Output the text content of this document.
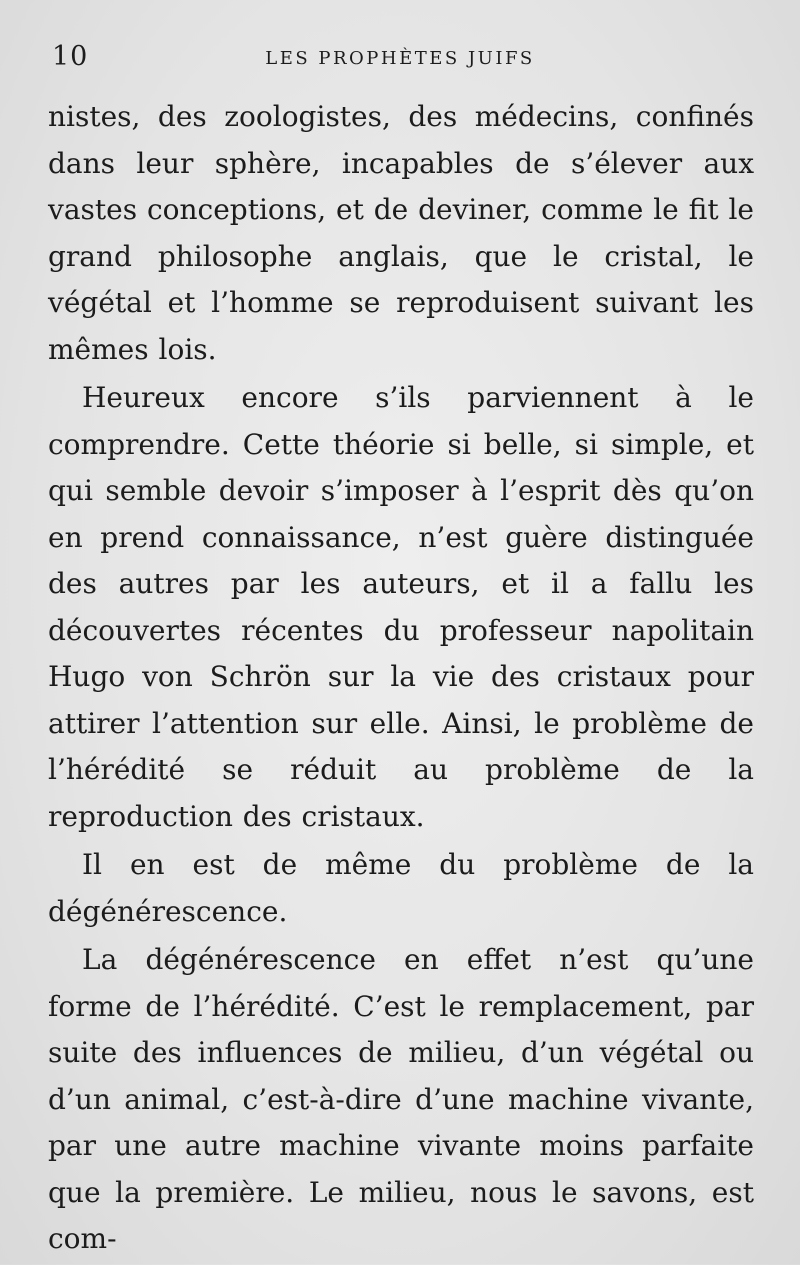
10	LES PROPHÈTES JUIFS

nistes, des zoologistes, des médecins, confinés dans leur sphère, incapables de s’élever aux vastes conceptions, et de deviner, comme le fit le grand philosophe anglais, que le cristal, le végétal et l’homme se reproduisent suivant les mêmes lois.

Heureux encore s’ils parviennent à le comprendre. Cette théorie si belle, si simple, et qui semble devoir s’imposer à l’esprit dès qu’on en prend connaissance, n’est guère distinguée des autres par les auteurs, et il a fallu les découvertes récentes du professeur napolitain Hugo von Schrön sur la vie des cristaux pour attirer l’attention sur elle. Ainsi, le problème de l’hérédité se réduit au problème de la reproduction des cristaux.

Il en est de même du problème de la dégénérescence.

La dégénérescence en effet n’est qu’une forme de l’hérédité. C’est le remplacement, par suite des influences de milieu, d’un végétal ou d’un animal, c’est-à-dire d’une machine vivante, par une autre machine vivante moins parfaite que la première. Le milieu, nous le savons, est com-
